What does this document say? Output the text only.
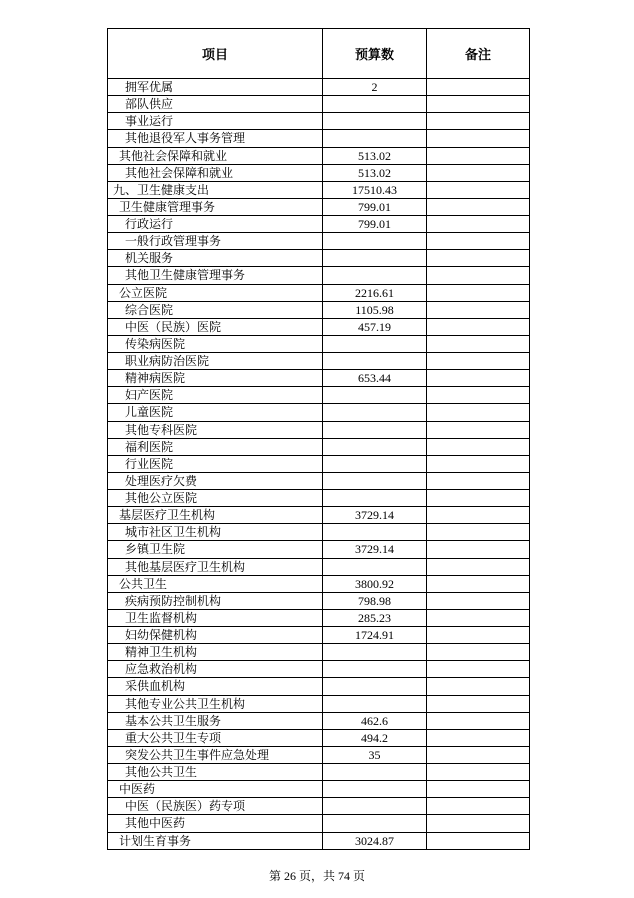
项目	预算数	备注
拥军优属	2	
部队供应		
事业运行		
其他退役军人事务管理		
其他社会保障和就业	513.02	
其他社会保障和就业	513.02	
九、卫生健康支出	17510.43	
卫生健康管理事务	799.01	
行政运行	799.01	
一般行政管理事务		
机关服务		
其他卫生健康管理事务		
公立医院	2216.61	
综合医院	1105.98	
中医（民族）医院	457.19	
传染病医院		
职业病防治医院		
精神病医院	653.44	
妇产医院		
儿童医院		
其他专科医院		
福利医院		
行业医院		
处理医疗欠费		
其他公立医院		
基层医疗卫生机构	3729.14	
城市社区卫生机构		
乡镇卫生院	3729.14	
其他基层医疗卫生机构		
公共卫生	3800.92	
疾病预防控制机构	798.98	
卫生监督机构	285.23	
妇幼保健机构	1724.91	
精神卫生机构		
应急救治机构		
采供血机构		
其他专业公共卫生机构		
基本公共卫生服务	462.6	
重大公共卫生专项	494.2	
突发公共卫生事件应急处理	35	
其他公共卫生		
中医药		
中医（民族医）药专项		
其他中医药		
计划生育事务	3024.87	
第 26 页，共 74 页
